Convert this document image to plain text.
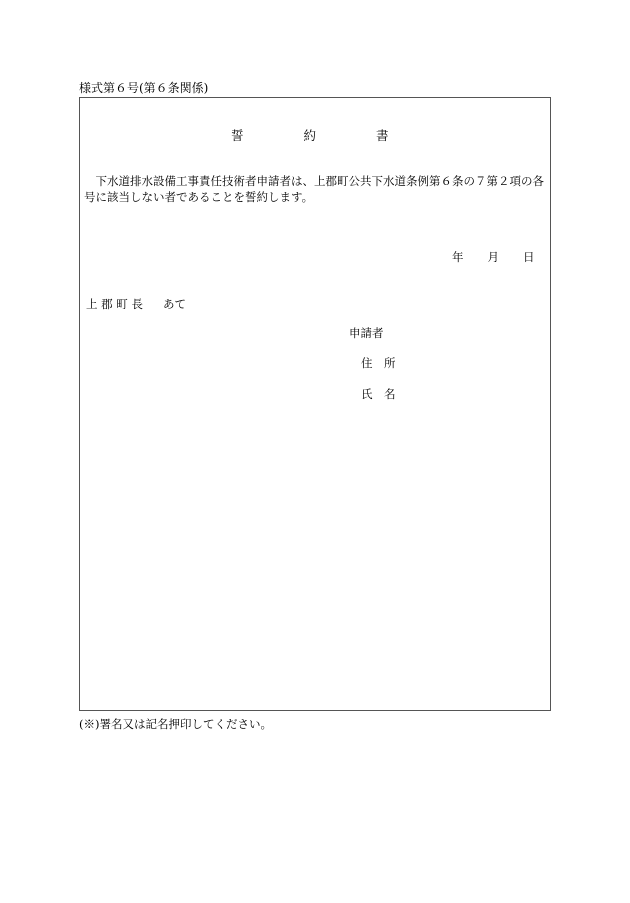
様式第６号(第６条関係)
誓	約	書
　下水道排水設備工事責任技術者申請者は、上郡町公共下水道条例第６条の７第２項の各号に該当しない者であることを誓約します。
年 月 日
上 郡 町 長 あて
申請者
住　所
氏　名
(※)署名又は記名押印してください。
